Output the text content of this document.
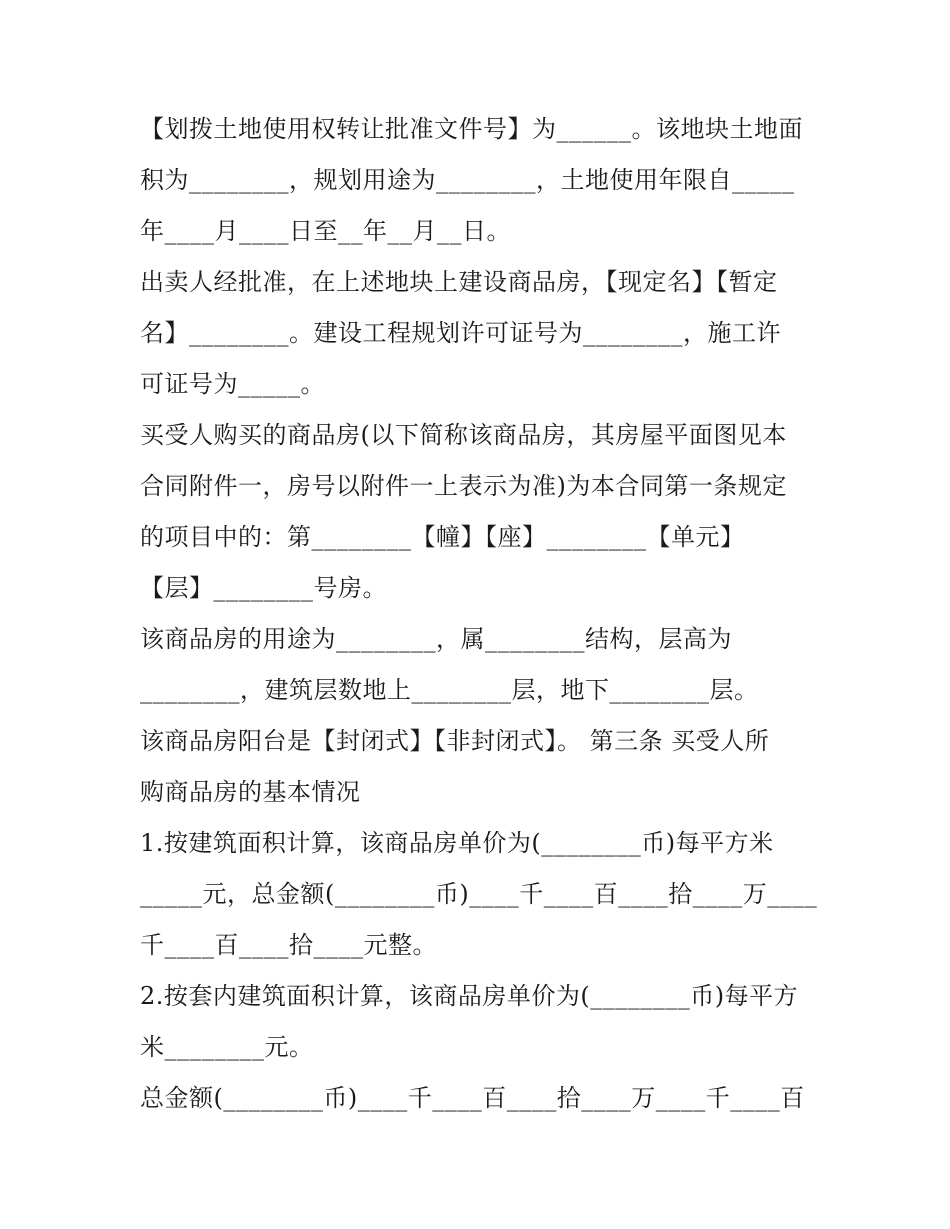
【划拨土地使用权转让批准文件号】为______。该地块土地面
积为________，规划用途为________，土地使用年限自_____
年____月____日至__年__月__日。
出卖人经批准，在上述地块上建设商品房，【现定名】【暂定
名】________。建设工程规划许可证号为________，施工许
可证号为_____。
买受人购买的商品房(以下简称该商品房，其房屋平面图见本
合同附件一，房号以附件一上表示为准)为本合同第一条规定
的项目中的：第________【幢】【座】________【单元】
【层】________号房。
该商品房的用途为________，属________结构，层高为
________，建筑层数地上________层，地下________层。
该商品房阳台是【封闭式】【非封闭式】。 第三条 买受人所
购商品房的基本情况
1.按建筑面积计算，该商品房单价为(________币)每平方米
_____元，总金额(________币)____千____百____拾____万____
千____百____拾____元整。
2.按套内建筑面积计算，该商品房单价为(________币)每平方
米________元。
总金额(________币)____千____百____拾____万____千____百
